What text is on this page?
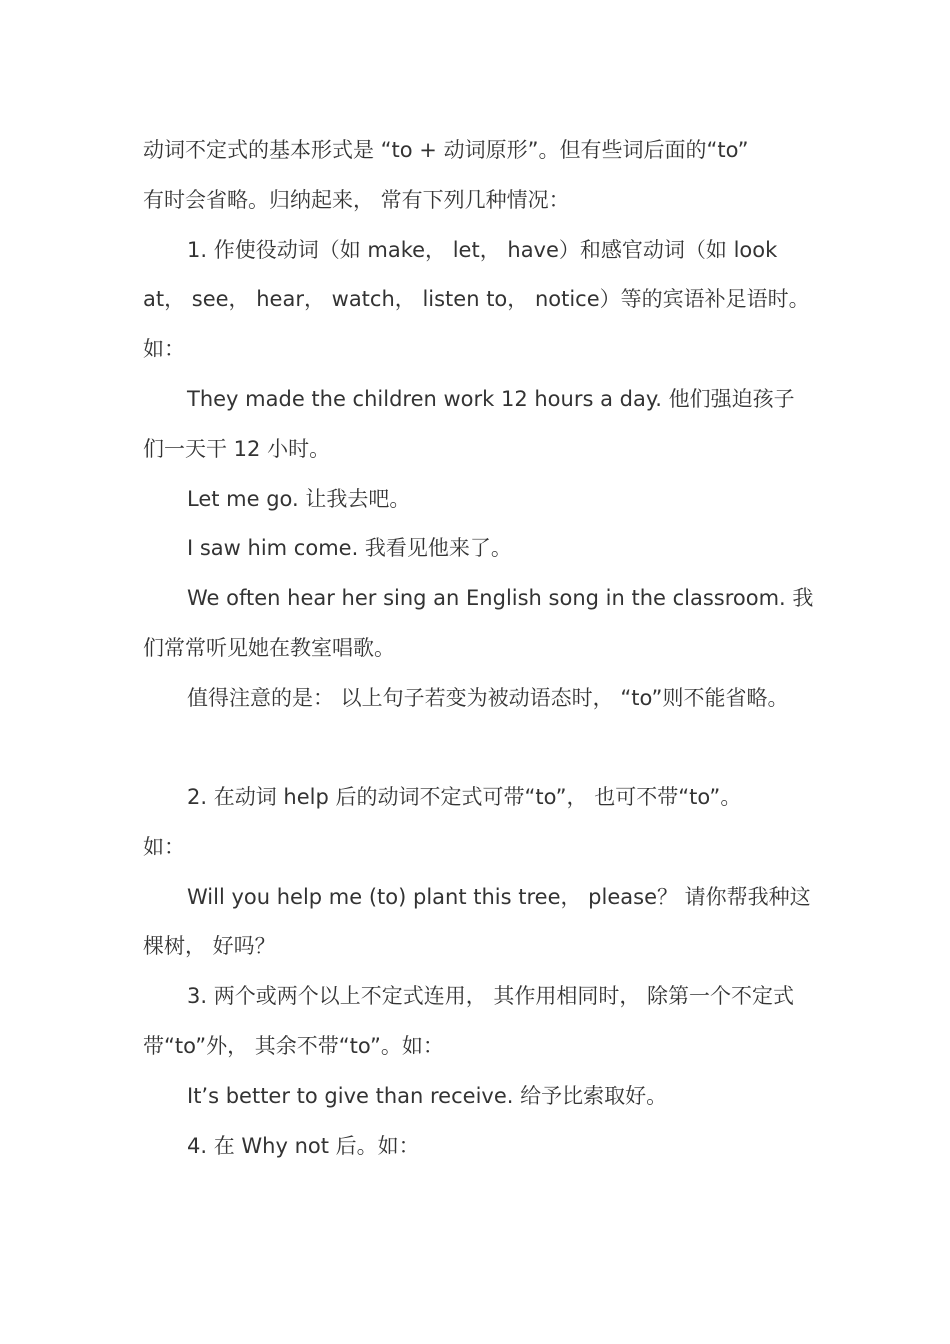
动词不定式的基本形式是 “to + 动词原形”。但有些词后面的“to”
有时会省略。归纳起来， 常有下列几种情况：
1. 作使役动词（如 make， let， have）和感官动词（如 look
at， see， hear， watch， listen to， notice）等的宾语补足语时。
如：
They made the children work 12 hours a day. 他们强迫孩子
们一天干 12 小时。
Let me go. 让我去吧。
I saw him come. 我看见他来了。
We often hear her sing an English song in the classroom. 我
们常常听见她在教室唱歌。
值得注意的是： 以上句子若变为被动语态时， “to”则不能省略。
2. 在动词 help 后的动词不定式可带“to”， 也可不带“to”。
如：
Will you help me (to) plant this tree， please？ 请你帮我种这
棵树， 好吗？
3. 两个或两个以上不定式连用， 其作用相同时， 除第一个不定式
带“to”外， 其余不带“to”。如：
It’s better to give than receive. 给予比索取好。
4. 在 Why not 后。如：
